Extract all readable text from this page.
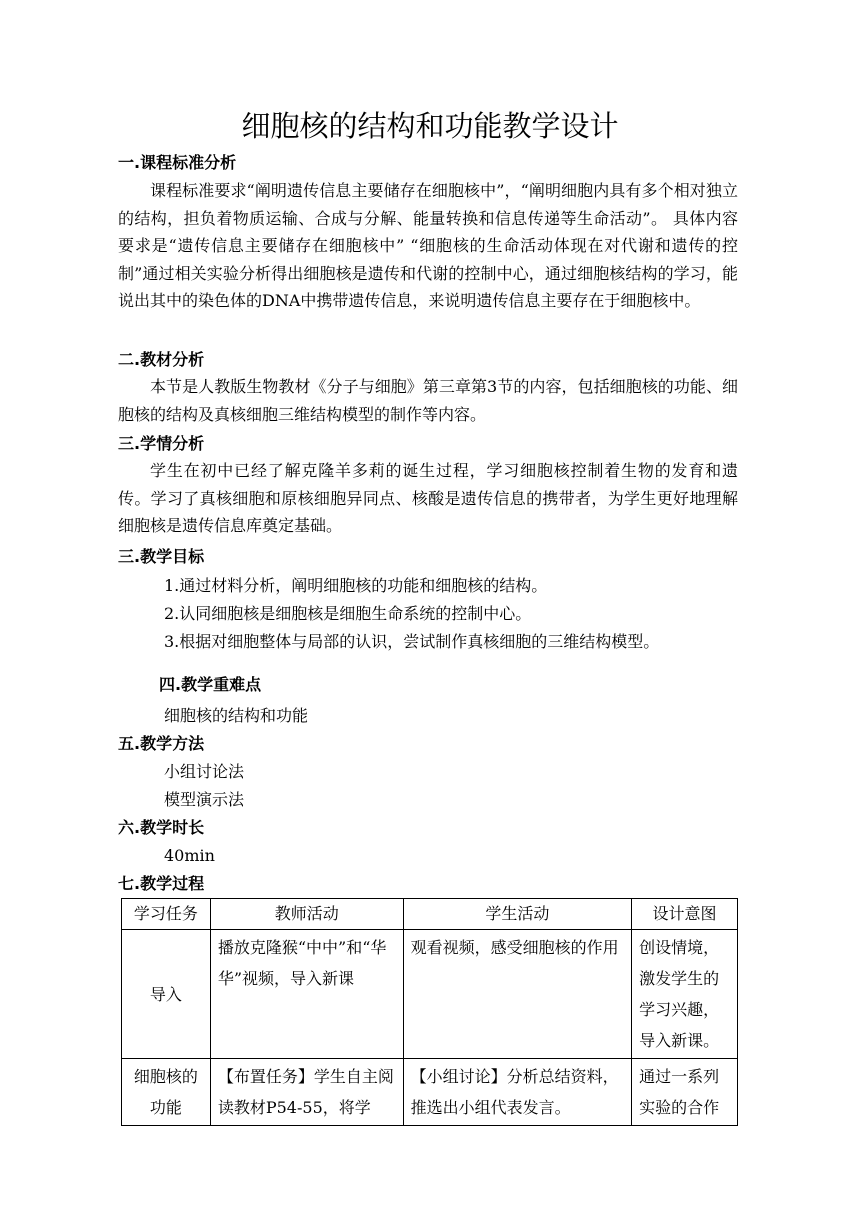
细胞核的结构和功能教学设计
一.课程标准分析

课程标准要求“阐明遗传信息主要储存在细胞核中”，“阐明细胞内具有多个相对独立的结构，担负着物质运输、合成与分解、能量转换和信息传递等生命活动”。 具体内容要求是“遗传信息主要储存在细胞核中” “细胞核的生命活动体现在对代谢和遗传的控制”通过相关实验分析得出细胞核是遗传和代谢的控制中心，通过细胞核结构的学习，能说出其中的染色体的DNA中携带遗传信息，来说明遗传信息主要存在于细胞核中。

二.教材分析

本节是人教版生物教材《分子与细胞》第三章第3节的内容，包括细胞核的功能、细胞核的结构及真核细胞三维结构模型的制作等内容。

三.学情分析

学生在初中已经了解克隆羊多莉的诞生过程，学习细胞核控制着生物的发育和遗传。学习了真核细胞和原核细胞异同点、核酸是遗传信息的携带者，为学生更好地理解细胞核是遗传信息库奠定基础。

三.教学目标
1.通过材料分析，阐明细胞核的功能和细胞核的结构。
2.认同细胞核是细胞核是细胞生命系统的控制中心。
3.根据对细胞整体与局部的认识，尝试制作真核细胞的三维结构模型。
四.教学重难点
细胞核的结构和功能
五.教学方法
小组讨论法
模型演示法
六.教学时长
40min
七.教学过程
学习任务	教师活动	学生活动	设计意图
导入	播放克隆猴“中中”和“华华”视频，导入新课	观看视频，感受细胞核的作用	创设情境，激发学生的学习兴趣，导入新课。
细胞核的功能	【布置任务】学生自主阅读教材P54-55，将学	【小组讨论】分析总结资料，推选出小组代表发言。	通过一系列实验的合作
